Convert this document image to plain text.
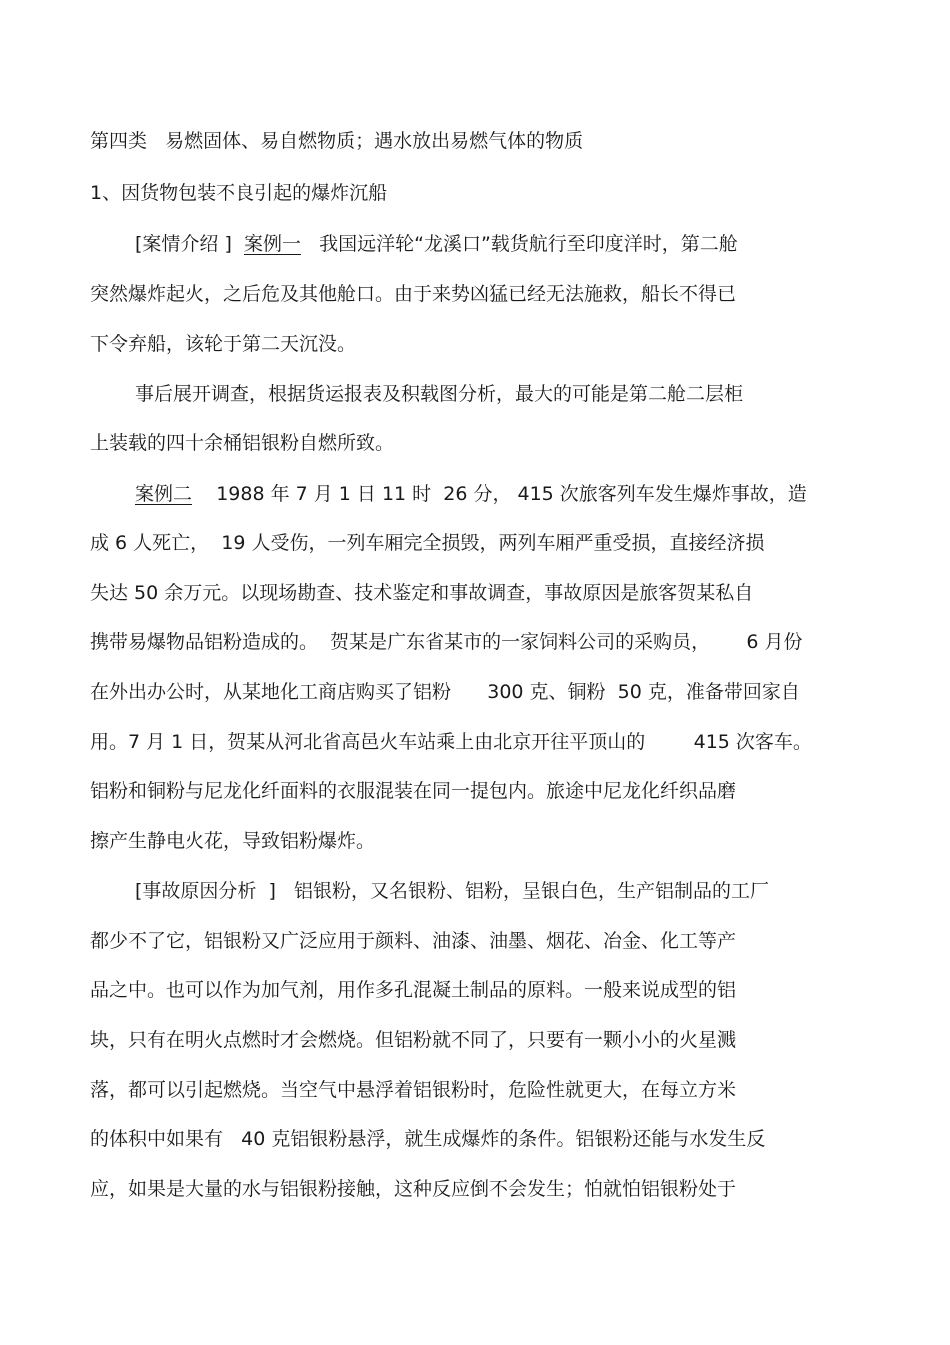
第四类   易燃固体、易自燃物质；遇水放出易燃气体的物质

1、因货物包装不良引起的爆炸沉船

[案情介绍 ] 案例一 我国远洋轮“龙溪口”载货航行至印度洋时，第二舱

突然爆炸起火，之后危及其他舱口。由于来势凶猛已经无法施救，船长不得已

下令弃船，该轮于第二天沉没。

事后展开调查，根据货运报表及积载图分析，最大的可能是第二舱二层柜

上装载的四十余桶铝银粉自燃所致。

案例二 1988 年 7 月 1 日 11 时  26 分， 415 次旅客列车发生爆炸事故，造

成 6 人死亡，  19 人受伤，一列车厢完全损毁，两列车厢严重受损，直接经济损

失达 50 余万元。以现场勘查、技术鉴定和事故调查，事故原因是旅客贺某私自

携带易爆物品铝粉造成的。  贺某是广东省某市的一家饲料公司的采购员，      6 月份

在外出办公时，从某地化工商店购买了铝粉      300 克、铜粉  50 克，准备带回家自

用。7 月 1 日，贺某从河北省高邑火车站乘上由北京开往平顶山的        415 次客车。

铝粉和铜粉与尼龙化纤面料的衣服混装在同一提包内。旅途中尼龙化纤织品磨

擦产生静电火花，导致铝粉爆炸。

[事故原因分析  ] 铝银粉，又名银粉、铝粉，呈银白色，生产铝制品的工厂

都少不了它，铝银粉又广泛应用于颜料、油漆、油墨、烟花、冶金、化工等产

品之中。也可以作为加气剂，用作多孔混凝土制品的原料。一般来说成型的铝

块，只有在明火点燃时才会燃烧。但铝粉就不同了，只要有一颗小小的火星溅

落，都可以引起燃烧。当空气中悬浮着铝银粉时，危险性就更大，在每立方米

的体积中如果有   40 克铝银粉悬浮，就生成爆炸的条件。铝银粉还能与水发生反

应，如果是大量的水与铝银粉接触，这种反应倒不会发生；怕就怕铝银粉处于
